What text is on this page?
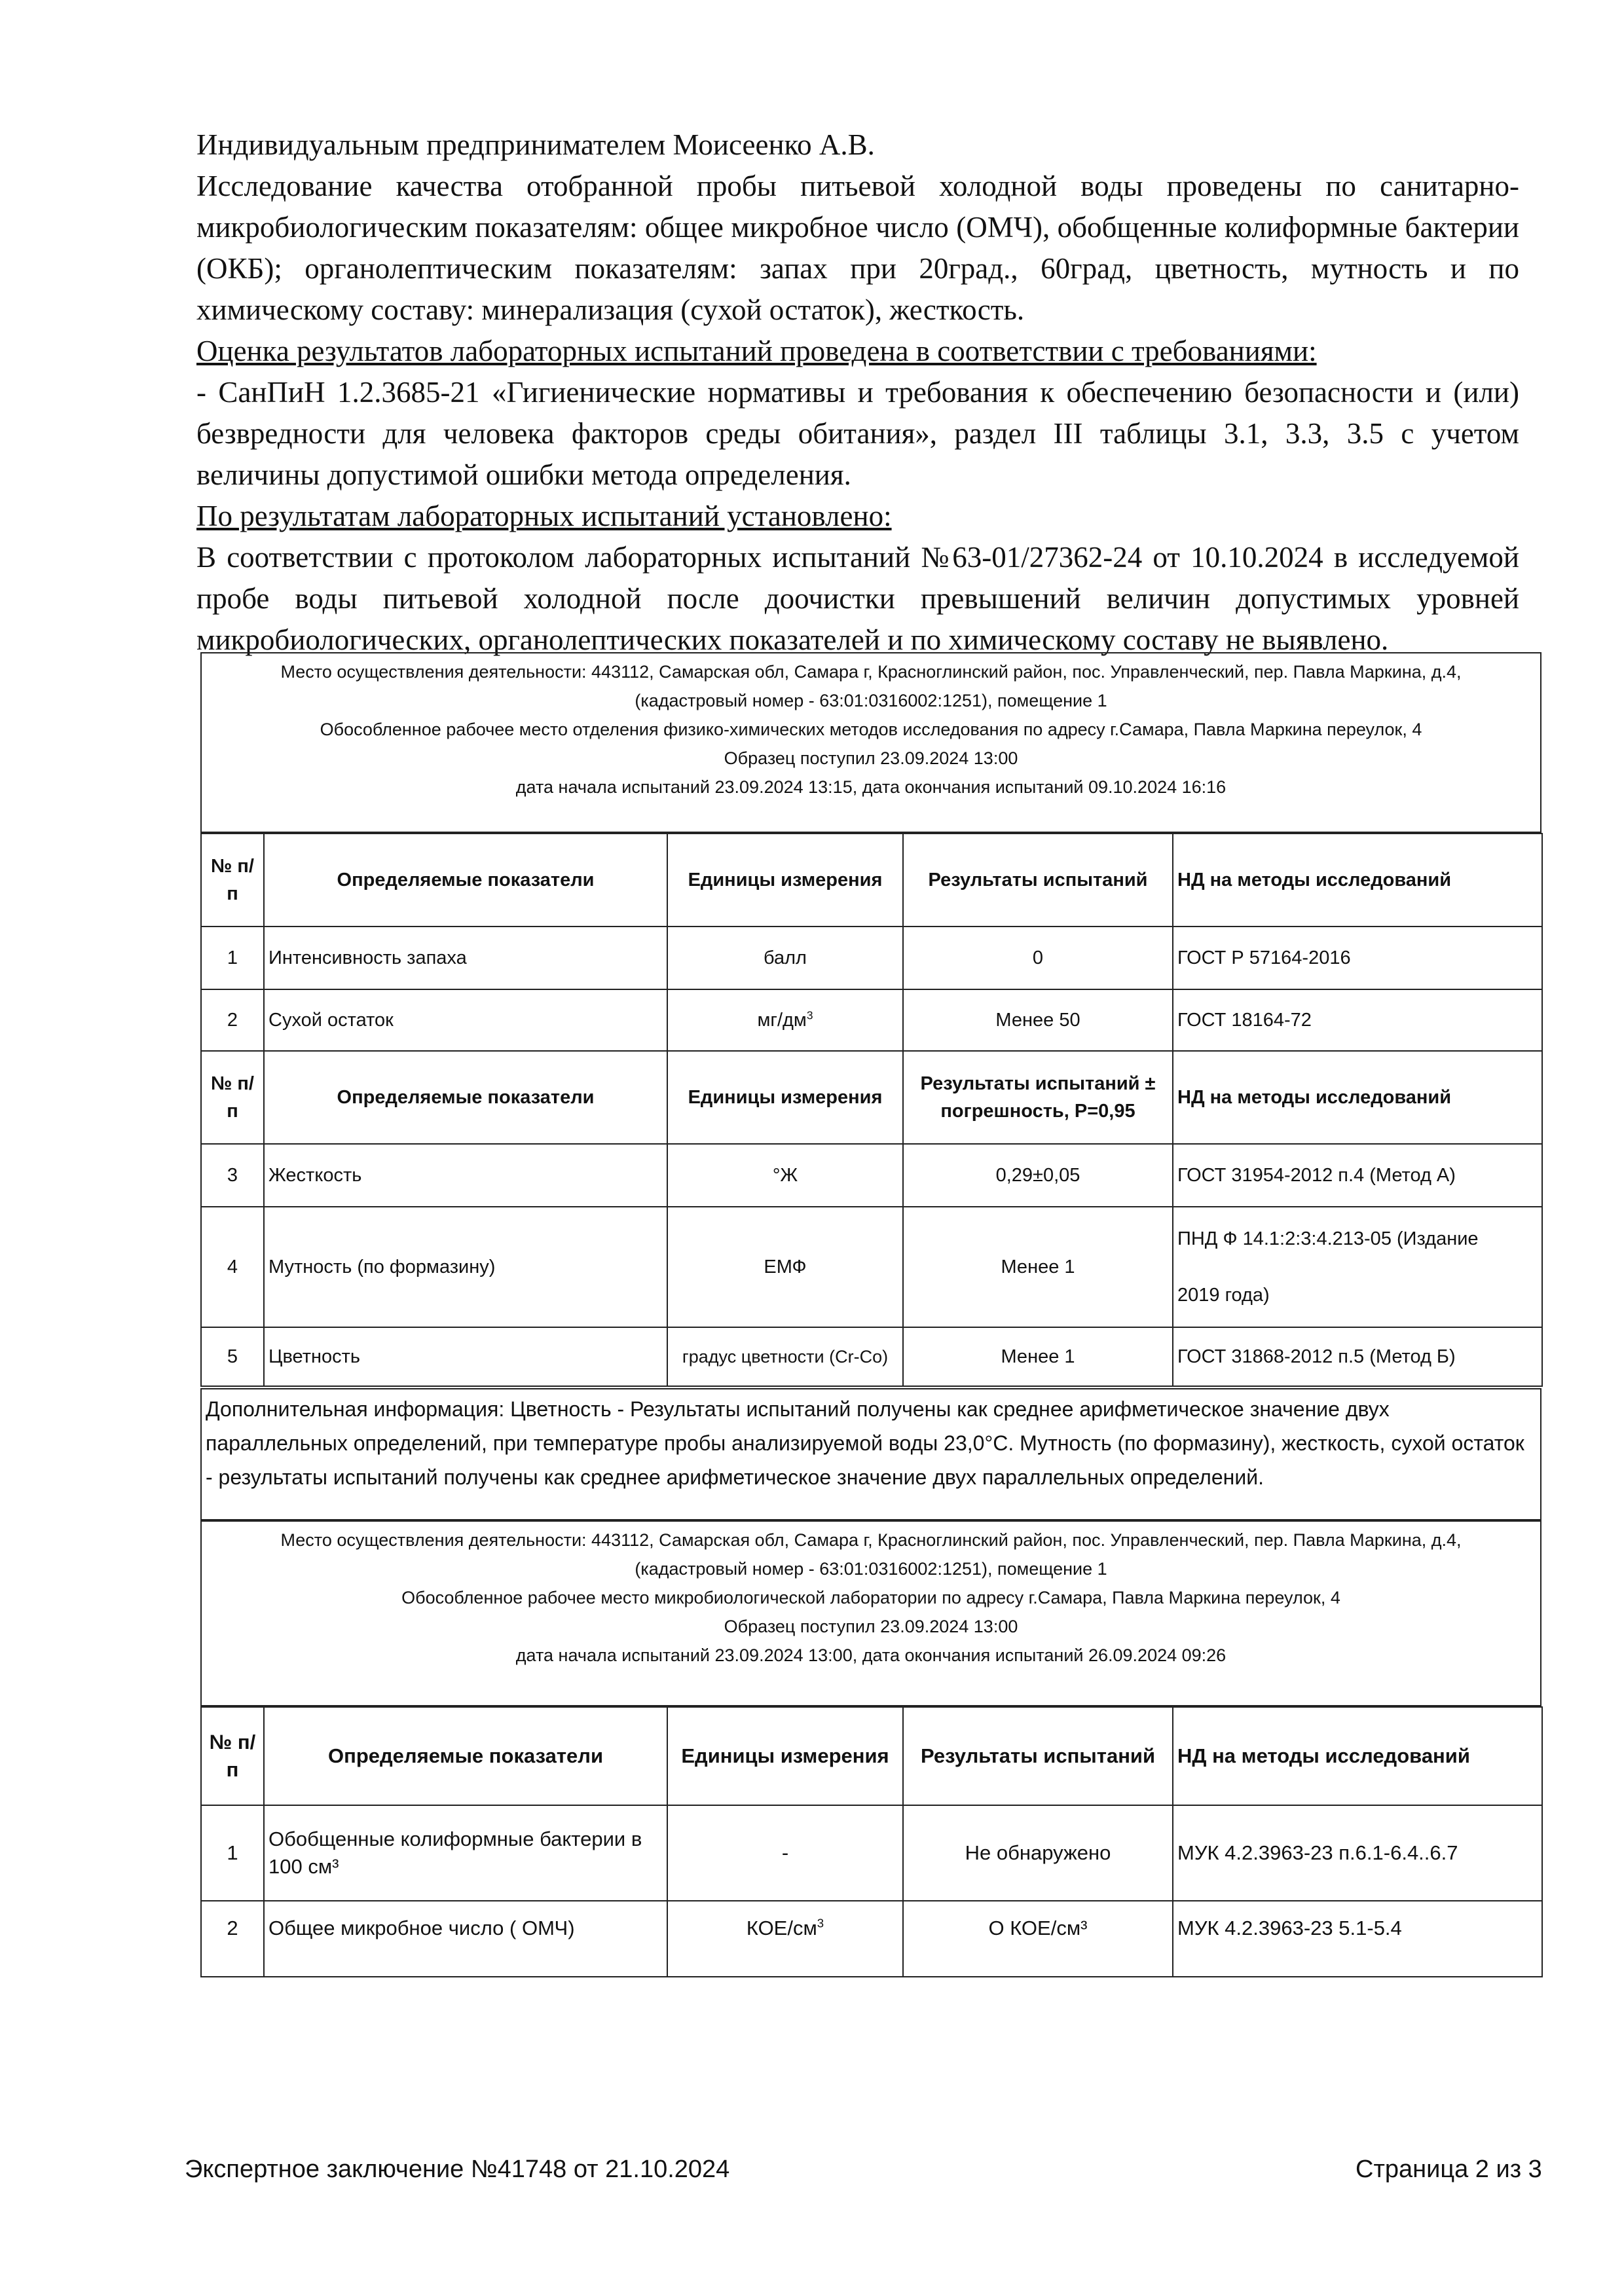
Индивидуальным предпринимателем Моисеенко А.В.

Исследование качества отобранной пробы питьевой холодной воды проведены по санитарно-микробиологическим показателям: общее микробное число (ОМЧ), обобщенные колиформные бактерии (ОКБ); органолептическим показателям: запах при 20град., 60град, цветность, мутность и по химическому составу: минерализация (сухой остаток), жесткость.

Оценка результатов лабораторных испытаний проведена в соответствии с требованиями:

- СанПиН 1.2.3685-21 «Гигиенические нормативы и требования к обеспечению безопасности и (или) безвредности для человека факторов среды обитания», раздел III таблицы 3.1, 3.3, 3.5 с учетом величины допустимой ошибки метода определения.

По результатам лабораторных испытаний установлено:

В соответствии с протоколом лабораторных испытаний №63-01/27362-24 от 10.10.2024 в исследуемой пробе воды питьевой холодной после доочистки превышений величин допустимых уровней микробиологических, органолептических показателей и по химическому составу не выявлено.

Место осуществления деятельности: 443112, Самарская обл, Самара г, Красноглинский район, пос. Управленческий, пер. Павла Маркина, д.4,
(кадастровый номер - 63:01:0316002:1251), помещение 1
Обособленное рабочее место отделения физико-химических методов исследования по адресу г.Самара, Павла Маркина переулок, 4
Образец поступил 23.09.2024 13:00
дата начала испытаний 23.09.2024 13:15, дата окончания испытаний 09.10.2024 16:16
№ п/п	Определяемые показатели	Единицы измерения	Результаты испытаний	НД на методы исследований
1	Интенсивность запаха	балл	0	ГОСТ Р 57164-2016
2	Сухой остаток	$мг/дм^3$	Менее 50	ГОСТ 18164-72
№ п/п	Определяемые показатели	Единицы измерения	Результаты испытаний ± погрешность, Р=0,95	НД на методы исследований
3	Жесткость	°Ж	0,29±0,05	ГОСТ 31954-2012 п.4 (Метод А)
4	Мутность (по формазину)	ЕМФ	Менее 1	ПНД Ф 14.1:2:3:4.213-05 (Издание
2019 года)

5	Цветность	градус цветности (Cr-Co)	Менее 1	ГОСТ 31868-2012 п.5 (Метод Б)
Дополнительная информация: Цветность - Результаты испытаний получены как среднее арифметическое значение двух параллельных определений, при температуре пробы анализируемой воды 23,0°С. Мутность (по формазину), жесткость, сухой остаток - результаты испытаний получены как среднее арифметическое значение двух параллельных определений.
Место осуществления деятельности: 443112, Самарская обл, Самара г, Красноглинский район, пос. Управленческий, пер. Павла Маркина, д.4,
(кадастровый номер - 63:01:0316002:1251), помещение 1
Обособленное рабочее место микробиологической лаборатории по адресу г.Самара, Павла Маркина переулок, 4
Образец поступил 23.09.2024 13:00
дата начала испытаний 23.09.2024 13:00, дата окончания испытаний 26.09.2024 09:26
№ п/п	Определяемые показатели	Единицы измерения	Результаты испытаний	НД на методы исследований
1	Обобщенные колиформные бактерии в 100 см³	-	Не обнаружено	МУК 4.2.3963-23 п.6.1-6.4..6.7
2	Общее микробное число ( ОМЧ)	КОЕ/$см^3$	О КОЕ/см³	МУК 4.2.3963-23 5.1-5.4
Экспертное заключение №41748 от 21.10.2024	Страница 2 из 3
